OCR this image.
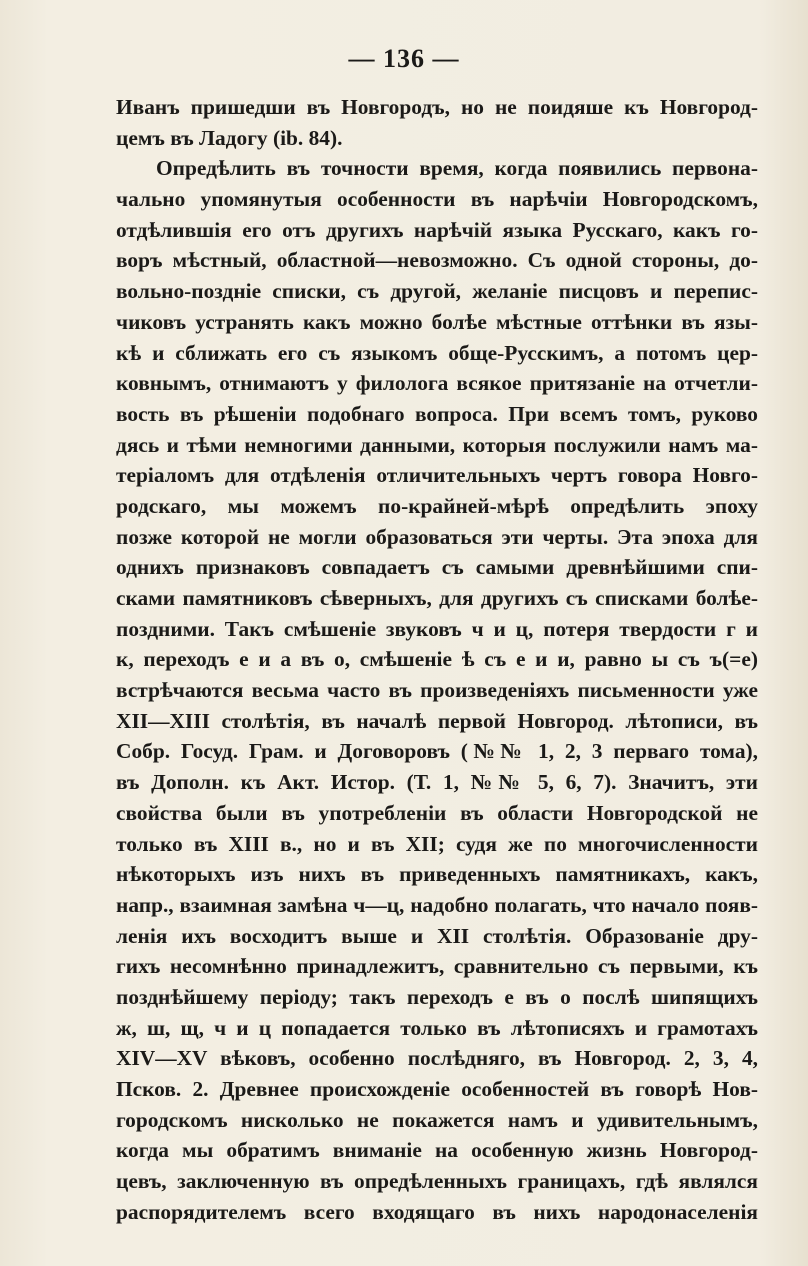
— 136 —
Иванъ пришедши въ Новгородъ, но не поидяше къ Новгород-
цемъ въ Ладогу (ib. 84).
Опредѣлить въ точности время, когда появились первона-
чально упомянутыя особенности въ нарѣчіи Новгородскомъ,
отдѣлившія его отъ другихъ нарѣчій языка Русскаго, какъ го-
воръ мѣстный, областной—невозможно. Съ одной стороны, до-
вольно-поздніе списки, съ другой, желаніе писцовъ и перепис-
чиковъ устранять какъ можно болѣе мѣстные оттѣнки въ язы-
кѣ и сближать его съ языкомъ обще-Русскимъ, а потомъ цер-
ковнымъ, отнимаютъ у филолога всякое притязаніе на отчетли-
вость въ рѣшеніи подобнаго вопроса. При всемъ томъ, руково
дясь и тѣми немногими данными, которыя послужили намъ ма-
теріаломъ для отдѣленія отличительныхъ чертъ говора Новго-
родскаго, мы можемъ по-крайней-мѣрѣ опредѣлить эпоху
позже которой не могли образоваться эти черты. Эта эпоха для
однихъ признаковъ совпадаетъ съ самыми древнѣйшими спи-
сками памятниковъ сѣверныхъ, для другихъ съ списками болѣе-
поздними. Такъ смѣшеніе звуковъ ч и ц, потеря твердости г и
к, переходъ е и а въ о, смѣшеніе ѣ съ е и и, равно ы съ ъ(=е)
встрѣчаются весьма часто въ произведеніяхъ письменности уже
XII—XIII столѣтія, въ началѣ первой Новгород. лѣтописи, въ
Собр. Госуд. Грам. и Договоровъ (№№ 1, 2, 3 перваго тома),
въ Дополн. къ Акт. Истор. (Т. 1, №№ 5, 6, 7). Значитъ, эти
свойства были въ употребленіи въ области Новгородской не
только въ XIII в., но и въ XII; судя же по многочисленности
нѣкоторыхъ изъ нихъ въ приведенныхъ памятникахъ, какъ,
напр., взаимная замѣна ч—ц, надобно полагать, что начало появ-
ленія ихъ восходитъ выше и XII столѣтія. Образованіе дру-
гихъ несомнѣнно принадлежитъ, сравнительно съ первыми, къ
позднѣйшему періоду; такъ переходъ е въ о послѣ шипящихъ
ж, ш, щ, ч и ц попадается только въ лѣтописяхъ и грамотахъ
XIV—XV вѣковъ, особенно послѣдняго, въ Новгород. 2, 3, 4,
Псков. 2. Древнее происхожденіе особенностей въ говорѣ Нов-
городскомъ нисколько не покажется намъ и удивительнымъ,
когда мы обратимъ вниманіе на особенную жизнь Новгород-
цевъ, заключенную въ опредѣленныхъ границахъ, гдѣ являлся
распорядителемъ всего входящаго въ нихъ народонаселенія
